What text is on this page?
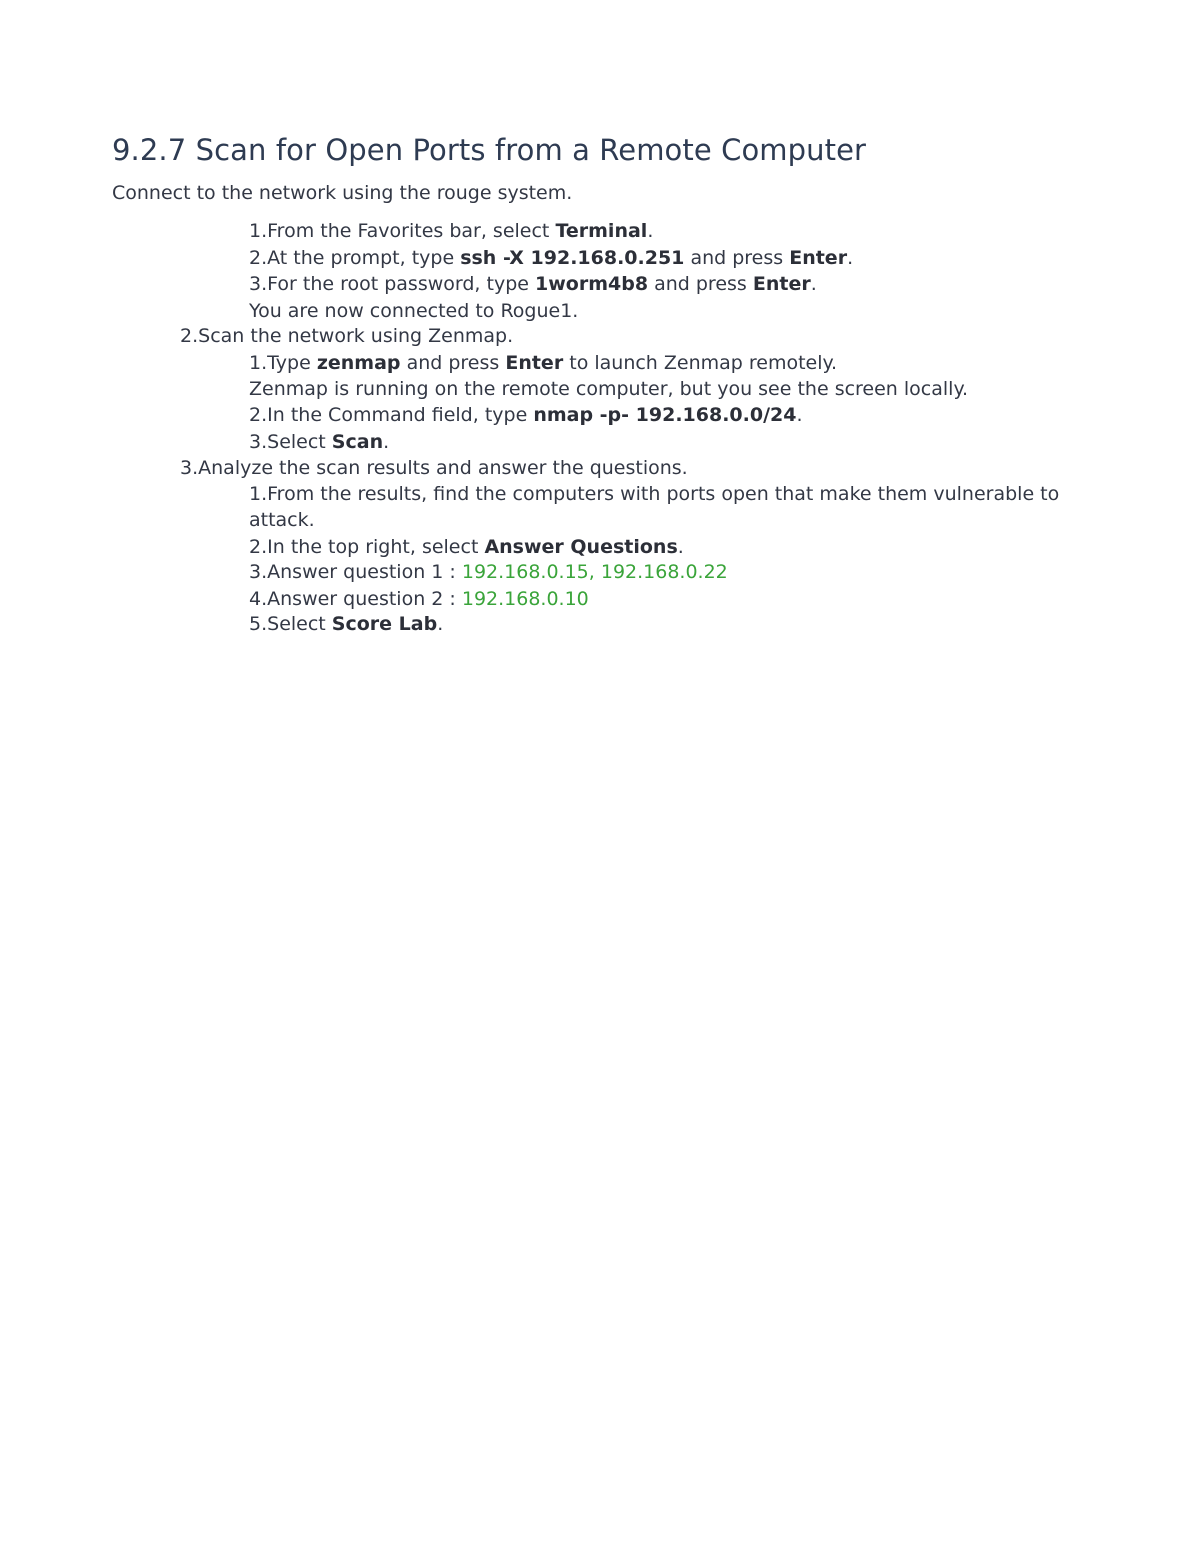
9.2.7 Scan for Open Ports from a Remote Computer

Connect to the network using the rouge system.

1.From the Favorites bar, select Terminal.

2.At the prompt, type ssh -X 192.168.0.251 and press Enter.

3.For the root password, type 1worm4b8 and press Enter.

You are now connected to Rogue1.

2.Scan the network using Zenmap.

1.Type zenmap and press Enter to launch Zenmap remotely.

Zenmap is running on the remote computer, but you see the screen locally.

2.In the Command field, type nmap -p- 192.168.0.0/24.

3.Select Scan.

3.Analyze the scan results and answer the questions.

1.From the results, find the computers with ports open that make them vulnerable to attack.

2.In the top right, select Answer Questions.

3.Answer question 1 : 192.168.0.15, 192.168.0.22

4.Answer question 2 : 192.168.0.10

5.Select Score Lab.
